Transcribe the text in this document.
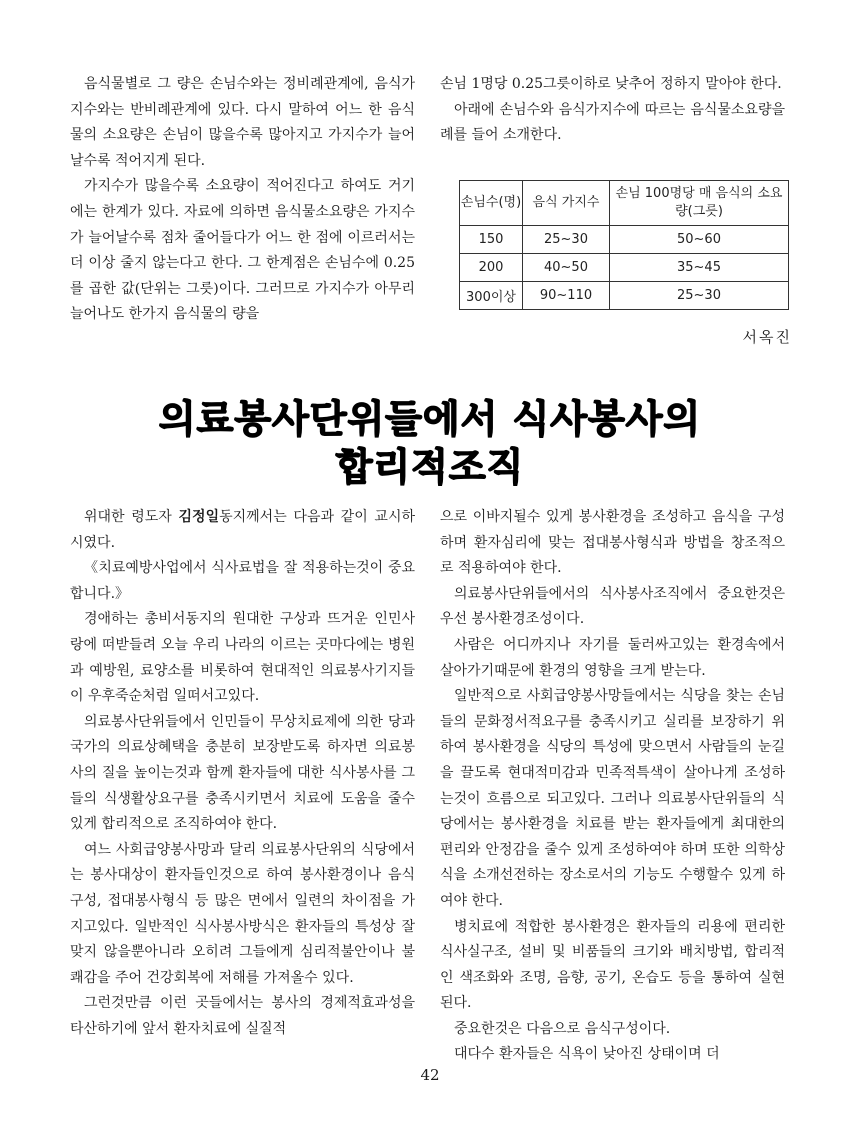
음식물별로 그 량은 손님수와는 정비례관계에, 음식가지수와는 반비례관계에 있다. 다시 말하여 어느 한 음식물의 소요량은 손님이 많을수록 많아지고 가지수가 늘어날수록 적어지게 된다.

가지수가 많을수록 소요량이 적어진다고 하여도 거기에는 한계가 있다. 자료에 의하면 음식물소요량은 가지수가 늘어날수록 점차 줄어들다가 어느 한 점에 이르러서는 더 이상 줄지 않는다고 한다. 그 한계점은 손님수에 0.25를 곱한 값(단위는 그릇)이다. 그러므로 가지수가 아무리 늘어나도 한가지 음식물의 량을

손님 1명당 0.25그릇이하로 낮추어 정하지 말아야 한다.

아래에 손님수와 음식가지수에 따르는 음식물소요량을 례를 들어 소개한다.

손님수(명)	음식 가지수	손님 100명당 매 음식의 소요량(그릇)
150	25~30	50~60
200	40~50	35~45
300이상	90~110	25~30
서옥진
의료봉사단위들에서 식사봉사의
합리적조직

위대한 령도자 김정일동지께서는 다음과 같이 교시하시였다.

《치료예방사업에서 식사료법을 잘 적용하는것이 중요합니다.》

경애하는 총비서동지의 원대한 구상과 뜨거운 인민사랑에 떠받들려 오늘 우리 나라의 이르는 곳마다에는 병원과 예방원, 료양소를 비롯하여 현대적인 의료봉사기지들이 우후죽순처럼 일떠서고있다.

의료봉사단위들에서 인민들이 무상치료제에 의한 당과 국가의 의료상혜택을 충분히 보장받도록 하자면 의료봉사의 질을 높이는것과 함께 환자들에 대한 식사봉사를 그들의 식생활상요구를 충족시키면서 치료에 도움을 줄수 있게 합리적으로 조직하여야 한다.

여느 사회급양봉사망과 달리 의료봉사단위의 식당에서는 봉사대상이 환자들인것으로 하여 봉사환경이나 음식구성, 접대봉사형식 등 많은 면에서 일련의 차이점을 가지고있다. 일반적인 식사봉사방식은 환자들의 특성상 잘 맞지 않을뿐아니라 오히려 그들에게 심리적불안이나 불쾌감을 주어 건강회복에 저해를 가져올수 있다.

그런것만큼 이런 곳들에서는 봉사의 경제적효과성을 타산하기에 앞서 환자치료에 실질적

으로 이바지될수 있게 봉사환경을 조성하고 음식을 구성하며 환자심리에 맞는 접대봉사형식과 방법을 창조적으로 적용하여야 한다.

의료봉사단위들에서의 식사봉사조직에서 중요한것은 우선 봉사환경조성이다.

사람은 어디까지나 자기를 둘러싸고있는 환경속에서 살아가기때문에 환경의 영향을 크게 받는다.

일반적으로 사회급양봉사망들에서는 식당을 찾는 손님들의 문화정서적요구를 충족시키고 실리를 보장하기 위하여 봉사환경을 식당의 특성에 맞으면서 사람들의 눈길을 끌도록 현대적미감과 민족적특색이 살아나게 조성하는것이 흐름으로 되고있다. 그러나 의료봉사단위들의 식당에서는 봉사환경을 치료를 받는 환자들에게 최대한의 편리와 안정감을 줄수 있게 조성하여야 하며 또한 의학상식을 소개선전하는 장소로서의 기능도 수행할수 있게 하여야 한다.

병치료에 적합한 봉사환경은 환자들의 리용에 편리한 식사실구조, 설비 및 비품들의 크기와 배치방법, 합리적인 색조화와 조명, 음향, 공기, 온습도 등을 통하여 실현된다.

중요한것은 다음으로 음식구성이다.

대다수 환자들은 식욕이 낮아진 상태이며 더

42
